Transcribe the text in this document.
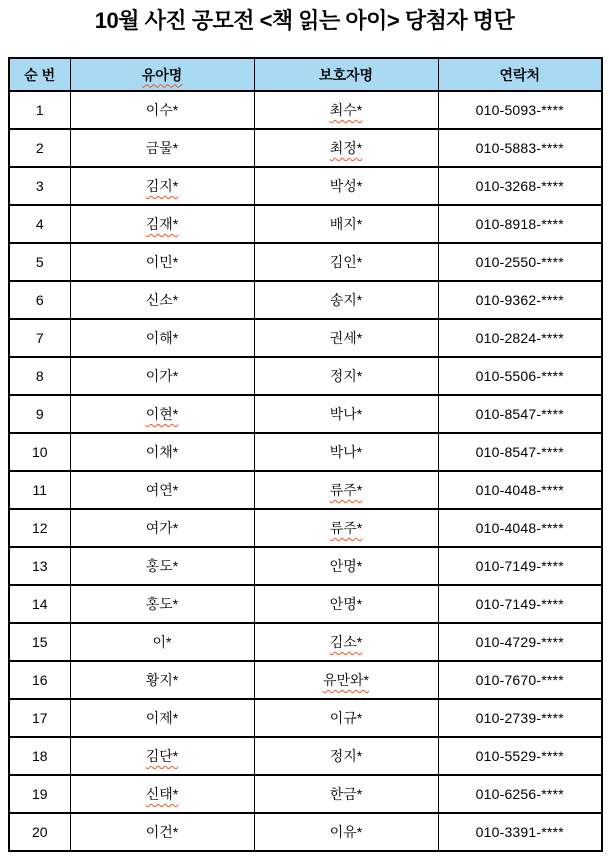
10월 사진 공모전 <책 읽는 아이> 당첨자 명단
순 번	유아명	보호자명	연락처
1	이수*	최수*	010-5093-****
2	금물*	최정*	010-5883-****
3	김지*	박성*	010-3268-****
4	김재*	배지*	010-8918-****
5	이민*	김인*	010-2550-****
6	신소*	송지*	010-9362-****
7	이해*	권세*	010-2824-****
8	이가*	정지*	010-5506-****
9	이현*	박나*	010-8547-****
10	이채*	박나*	010-8547-****
11	여연*	류주*	010-4048-****
12	여가*	류주*	010-4048-****
13	홍도*	안명*	010-7149-****
14	홍도*	안명*	010-7149-****
15	이*	김소*	010-4729-****
16	황지*	유만와*	010-7670-****
17	이제*	이규*	010-2739-****
18	김단*	정지*	010-5529-****
19	신태*	한금*	010-6256-****
20	이건*	이유*	010-3391-****
